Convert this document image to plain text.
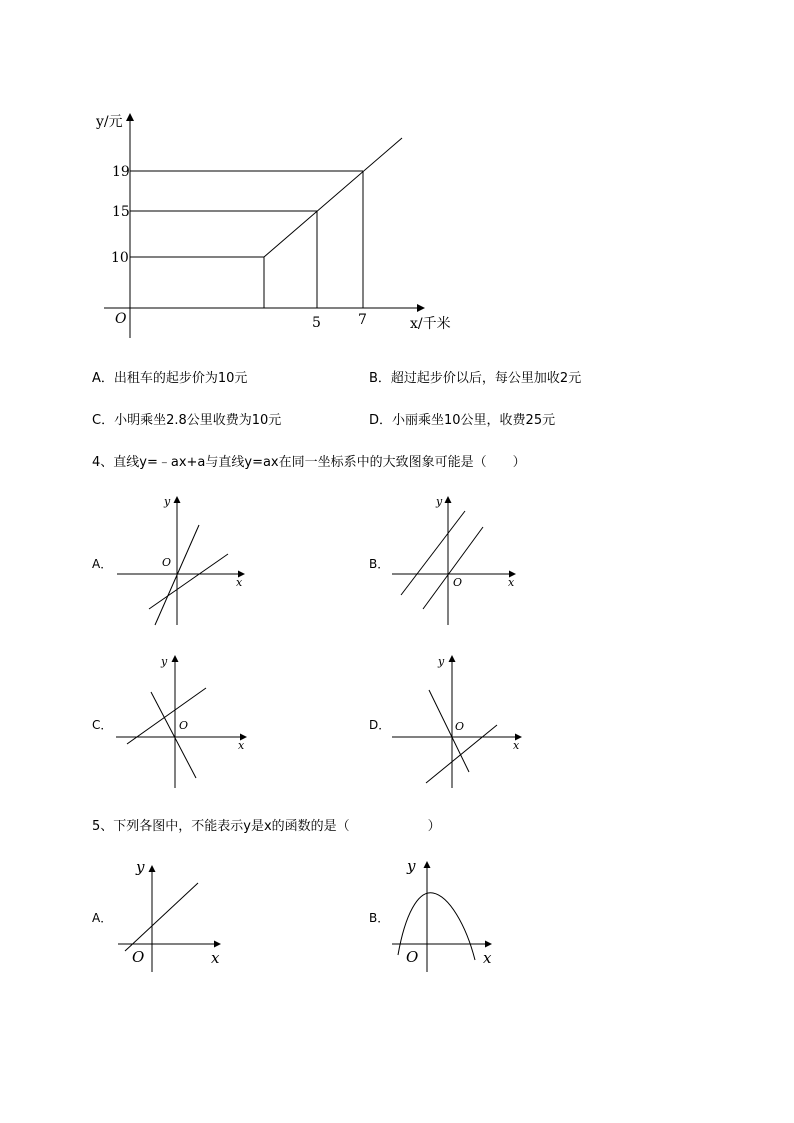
y/元
x/千米
O
19
15
10
5	7
A．出租车的起步价为10元	B．超过起步价以后，每公里加收2元
C．小明乘坐2.8公里收费为10元	D．小丽乘坐10公里，收费25元
4、直线y=﹣ax+a与直线y=ax在同一坐标系中的大致图象可能是（　　）
A．	B．
C．	D．
y
x
O
y
x
O
y
x
O
y
x
O
y
x
O
y
x
O
5、下列各图中，不能表示y是x的函数的是（　　　　　　）
A．	B．
